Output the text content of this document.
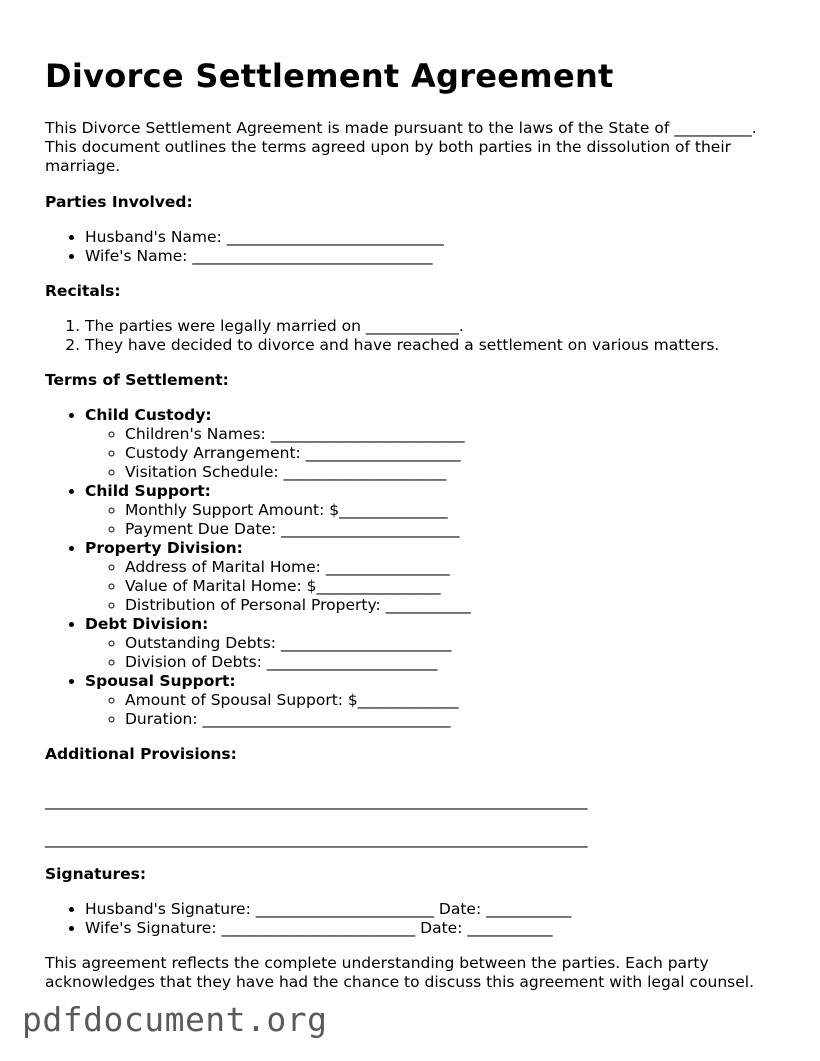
Divorce Settlement Agreement

This Divorce Settlement Agreement is made pursuant to the laws of the State of __________. This document outlines the terms agreed upon by both parties in the dissolution of their marriage.

Parties Involved:
• Husband's Name: ____________________________
• Wife's Name: _______________________________
Recitals:
1. The parties were legally married on ____________.
2. They have decided to divorce and have reached a settlement on various matters.
Terms of Settlement:
• Child Custody:
◦ Children's Names: _________________________
◦ Custody Arrangement: ____________________
◦ Visitation Schedule: _____________________
• Child Support:
◦ Monthly Support Amount: $______________
◦ Payment Due Date: _______________________
• Property Division:
◦ Address of Marital Home: ________________
◦ Value of Marital Home: $________________
◦ Distribution of Personal Property: ___________
• Debt Division:
◦ Outstanding Debts: ______________________
◦ Division of Debts: ______________________
• Spousal Support:
◦ Amount of Spousal Support: $_____________
◦ Duration: ________________________________
Additional Provisions:
______________________________________________________________________
______________________________________________________________________
Signatures:
• Husband's Signature: _______________________ Date: ___________
• Wife's Signature: _________________________ Date: ___________

This agreement reflects the complete understanding between the parties. Each party acknowledges that they have had the chance to discuss this agreement with legal counsel.

pdfdocument.org
